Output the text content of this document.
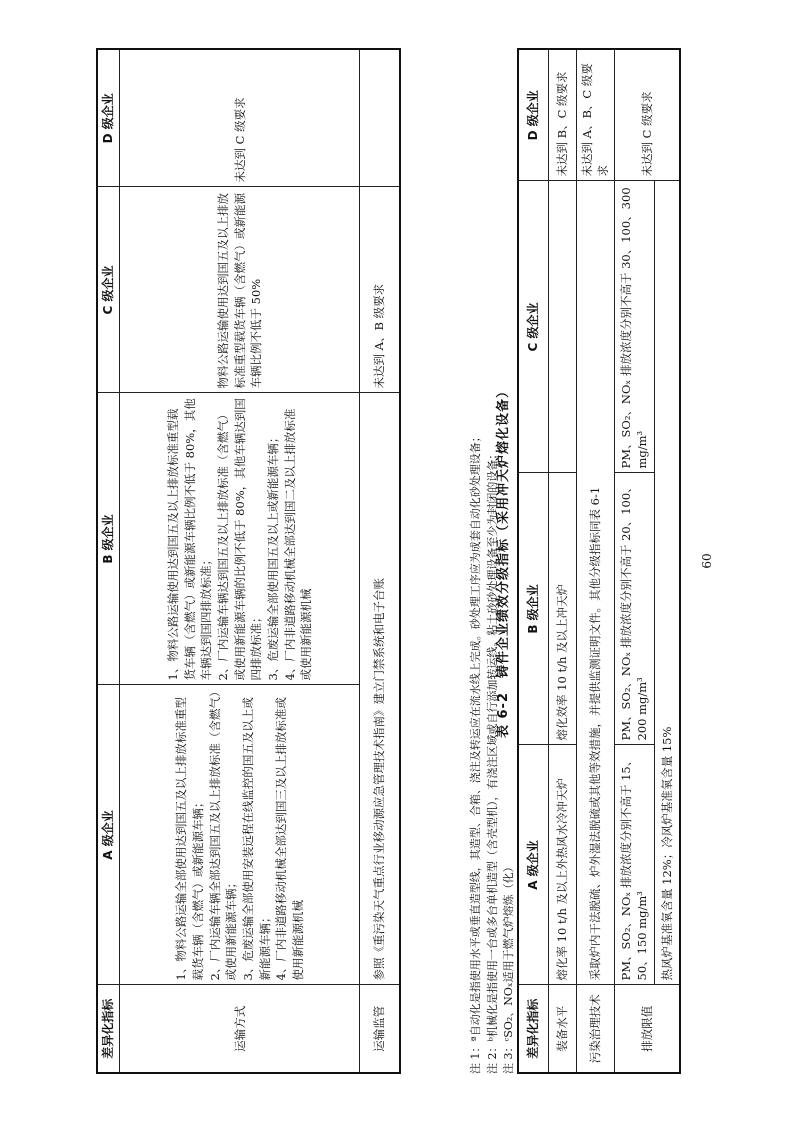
差异化指标	A 级企业	B 级企业	C 级企业	D 级企业
运输方式	1、物料公路运输全部使用达到国五及以上排放标准重型载货车辆（含燃气）或新能源车辆； 2、厂内运输车辆全部达到国五及以上排放标准（含燃气）或使用新能源车辆； 3、危废运输全部使用安装远程在线监控的国五及以上或新能源车辆； 4、厂内非道路移动机械全部达到国三及以上排放标准或使用新能源机械	1、物料公路运输使用达到国五及以上排放标准重型载货车辆（含燃气）或新能源车辆比例不低于 80%，其他车辆达到国四排放标准； 2、厂内运输车辆达到国五及以上排放标准（含燃气）或使用新能源车辆的比例不低于 80%，其他车辆达到国四排放标准； 3、危废运输全部使用国五及以上或新能源车辆； 4、厂内非道路移动机械全部达到国二及以上排放标准或使用新能源机械	物料公路运输使用达到国五及以上排放标准重型载货车辆（含燃气）或新能源车辆比例不低于 50%	未达到 C 级要求
运输监管	参照《重污染天气重点行业移动源应急管理技术指南》建立门禁系统和电子台账		未达到 A、B 级要求	
注 1：ª自动化是指使用水平或垂直造型线，其造型、合箱、浇注及转运应在流水线上完成。砂处理工序应为成套自动化砂处理设备； 注 2：ᵇ机械化是指使用一台或多台单机造型（含壳型机），有浇注区域或自行添加转运线。粘土砂砂处理设备至少为封闭的设备； 注 3：ᶜSO₂、NOₓ适用于燃气炉熔炼（化）
表 6-2　铸件企业绩效分级指标（采用冲天炉熔化设备）
差异化指标	A 级企业	B 级企业	C 级企业	D 级企业
装备水平	熔化率 10 t/h 及以上外热风水冷冲天炉	熔化效率 10 t/h 及以上冲天炉		未达到 B、C 级要求
污染治理技术	采取炉内干法脱硫、炉外湿法脱硫或其他等效措施，并提供监测证明文件。其他分级指标同表 6-1			未达到 A、B、C 级要求
排放限值	PM、SO₂、NOₓ 排放浓度分别不高于 15、50、150 mg/m³	PM、SO₂、NOₓ 排放浓度分别不高于 20、100、200 mg/m³	PM、SO₂、NOₓ 排放浓度分别不高于 30、100、300 mg/m³	未达到 C 级要求
	热风炉基准氧含量 12%；冷风炉基准氧含量 15%			
60
